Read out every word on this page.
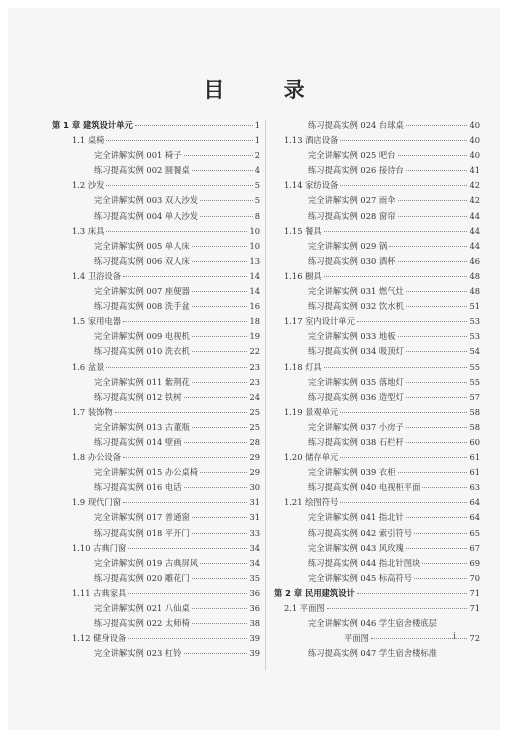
目 录
第 1 章 建筑设计单元	1
1.1 桌椅	1
完全讲解实例 001 椅子	2
练习提高实例 002 圆餐桌	4
1.2 沙发	5
完全讲解实例 003 双人沙发	5
练习提高实例 004 单人沙发	8
1.3 床具	10
完全讲解实例 005 单人床	10
练习提高实例 006 双人床	13
1.4 卫浴设备	14
完全讲解实例 007 座便器	14
练习提高实例 008 洗手盆	16
1.5 家用电器	18
完全讲解实例 009 电视机	19
练习提高实例 010 洗衣机	22
1.6 盆景	23
完全讲解实例 011 紫荆花	23
练习提高实例 012 铁树	24
1.7 装饰物	25
完全讲解实例 013 古董瓶	25
练习提高实例 014 壁画	28
1.8 办公设备	29
完全讲解实例 015 办公桌椅	29
练习提高实例 016 电话	30
1.9 现代门窗	31
完全讲解实例 017 普通窗	31
练习提高实例 018 平开门	33
1.10 古典门窗	34
完全讲解实例 019 古典屏风	34
练习提高实例 020 雕花门	35
1.11 古典家具	36
完全讲解实例 021 八仙桌	36
练习提高实例 022 太师椅	38
1.12 健身设备	39
完全讲解实例 023 杠铃	39
练习提高实例 024 台球桌	40
1.13 酒店设备	40
完全讲解实例 025 吧台	40
练习提高实例 026 接待台	41
1.14 家纺设备	42
完全讲解实例 027 雨伞	42
练习提高实例 028 窗帘	44
1.15 餐具	44
完全讲解实例 029 锅	44
练习提高实例 030 酒杯	46
1.16 橱具	48
完全讲解实例 031 燃气灶	48
练习提高实例 032 饮水机	51
1.17 室内设计单元	53
完全讲解实例 033 地板	53
练习提高实例 034 吸顶灯	54
1.18 灯具	55
完全讲解实例 035 落地灯	55
练习提高实例 036 造型灯	57
1.19 景观单元	58
完全讲解实例 037 小房子	58
练习提高实例 038 石栏杆	60
1.20 储存单元	61
完全讲解实例 039 衣柜	61
练习提高实例 040 电视柜平面	63
1.21 绘图符号	64
完全讲解实例 041 指北针	64
练习提高实例 042 索引符号	65
完全讲解实例 043 风玫瑰	67
练习提高实例 044 指北针图块	69
完全讲解实例 045 标高符号	70
第 2 章 民用建筑设计	71
2.1 平面图	71
完全讲解实例 046 学生宿舍楼底层
平面图	72
练习提高实例 047 学生宿舍楼标准
i
